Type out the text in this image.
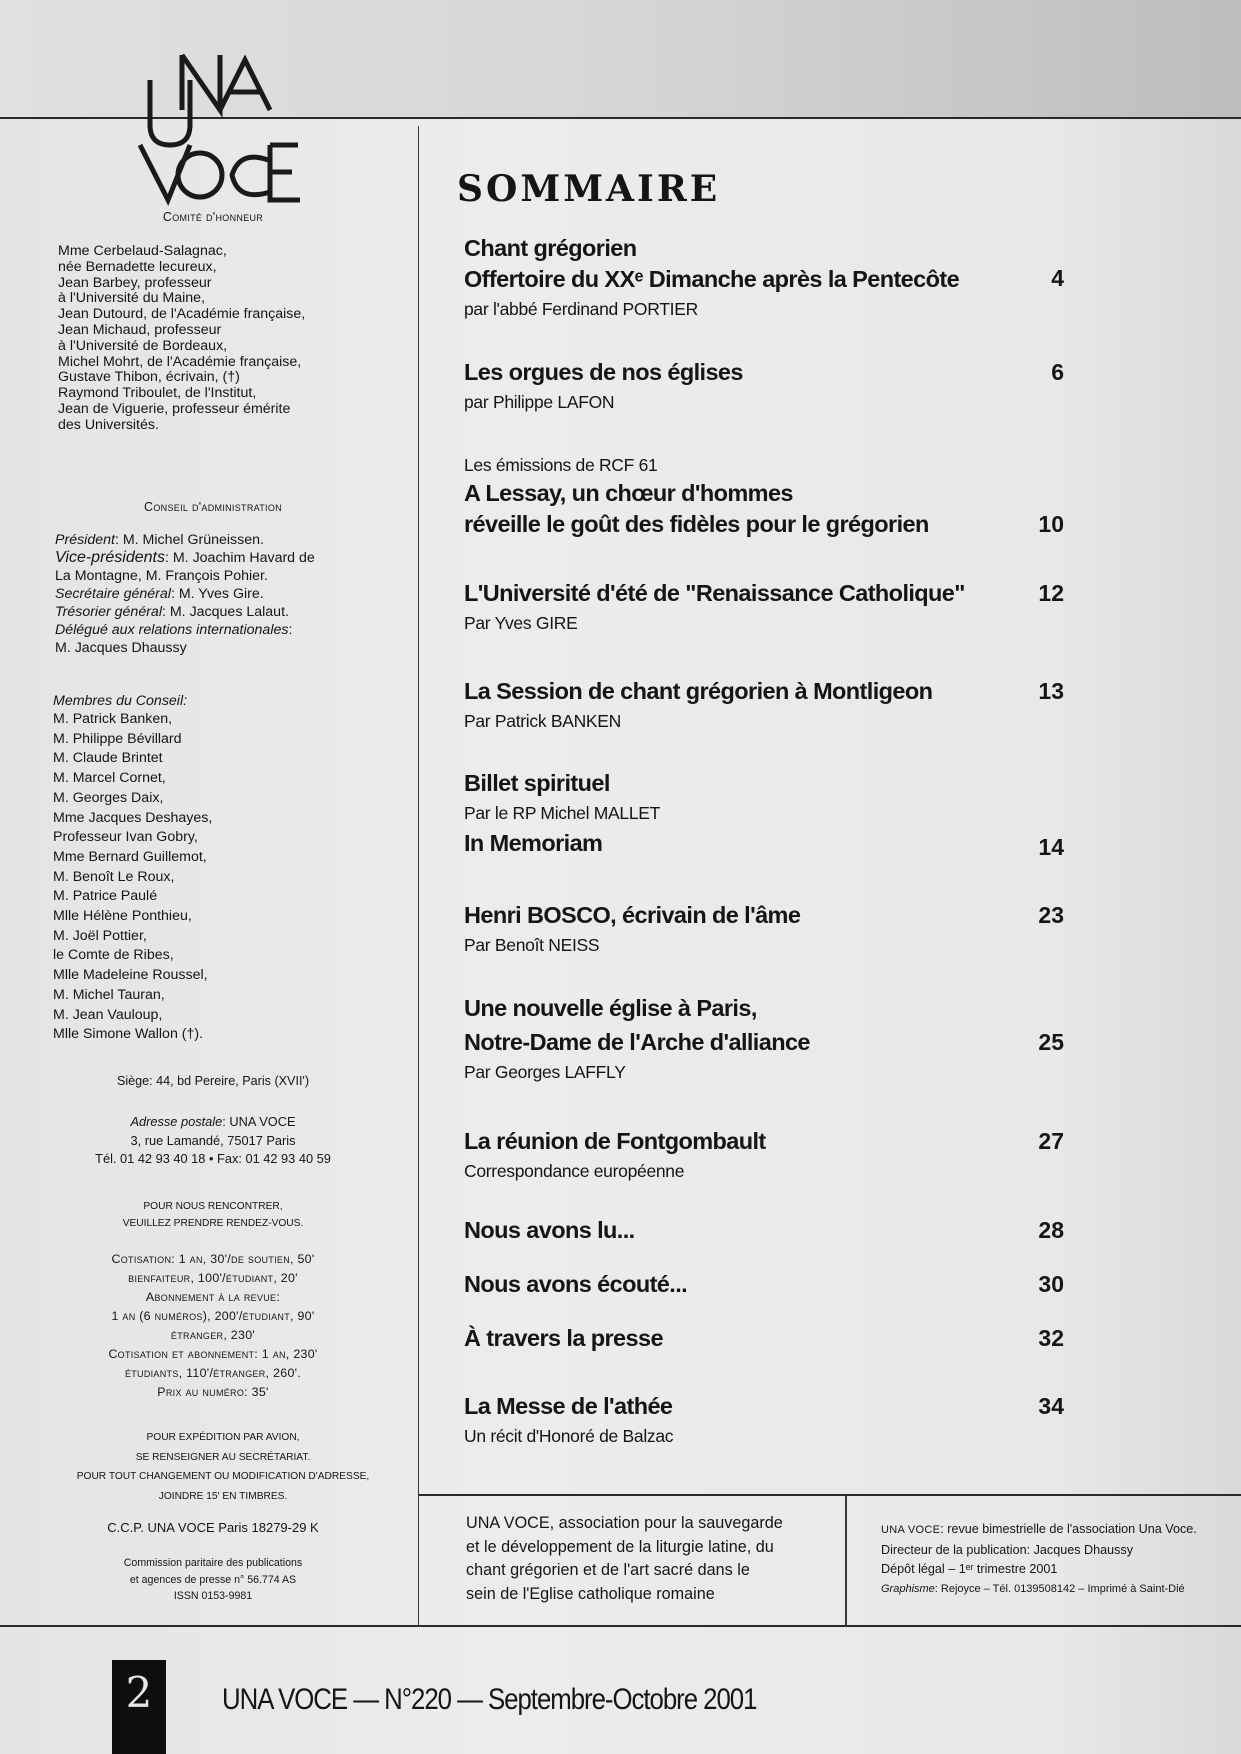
Comité d'honneur
Mme Cerbelaud-Salagnac,
née Bernadette lecureux,
Jean Barbey, professeur
à l'Université du Maine,
Jean Dutourd, de l'Académie française,
Jean Michaud, professeur
à l'Université de Bordeaux,
Michel Mohrt, de l'Académie française,
Gustave Thibon, écrivain, (†)
Raymond Triboulet, de l'Institut,
Jean de Viguerie, professeur émérite
des Universités.
Conseil d'administration
Président: M. Michel Grüneissen.
Vice-présidents: M. Joachim Havard de
La Montagne, M. François Pohier.
Secrétaire général: M. Yves Gire.
Trésorier général: M. Jacques Lalaut.
Délégué aux relations internationales:
M. Jacques Dhaussy
Membres du Conseil:
M. Patrick Banken,
M. Philippe Bévillard
M. Claude Brintet
M. Marcel Cornet,
M. Georges Daix,
Mme Jacques Deshayes,
Professeur Ivan Gobry,
Mme Bernard Guillemot,
M. Benoît Le Roux,
M. Patrice Paulé
Mlle Hélène Ponthieu,
M. Joël Pottier,
le Comte de Ribes,
Mlle Madeleine Roussel,
M. Michel Tauran,
M. Jean Vauloup,
Mlle Simone Wallon (†).
Siège: 44, bd Pereire, Paris (XVII')
Adresse postale: UNA VOCE
3, rue Lamandé, 75017 Paris
Tél. 01 42 93 40 18 • Fax: 01 42 93 40 59
POUR NOUS RENCONTRER,
VEUILLEZ PRENDRE RENDEZ-VOUS.
Cotisation: 1 an, 30'/de soutien, 50'
bienfaiteur, 100'/étudiant, 20'
Abonnement à la revue:
1 an (6 numéros), 200'/étudiant, 90'
étranger, 230'
Cotisation et abonnement: 1 an, 230'
étudiants, 110'/étranger, 260'.
Prix au numéro: 35'
POUR EXPÉDITION PAR AVION,
SE RENSEIGNER AU SECRÉTARIAT.
POUR TOUT CHANGEMENT OU MODIFICATION D'ADRESSE,
JOINDRE 15' EN TIMBRES.
C.C.P. UNA VOCE Paris 18279-29 K
Commission paritaire des publications
et agences de presse n° 56.774 AS
ISSN 0153-9981
SOMMAIRE
Chant grégorien
Offertoire du XXᵉ Dimanche après la Pentecôte
par l'abbé Ferdinand PORTIER
4
Les orgues de nos églises
par Philippe LAFON
6
Les émissions de RCF 61
A Lessay, un chœur d'hommes
réveille le goût des fidèles pour le grégorien	10
L'Université d'été de "Renaissance Catholique"
Par Yves GIRE
12
La Session de chant grégorien à Montligeon
Par Patrick BANKEN
13
Billet spirituel
Par le RP Michel MALLET
In Memoriam	14
Henri BOSCO, écrivain de l'âme
Par Benoît NEISS
23
Une nouvelle église à Paris,
Notre-Dame de l'Arche d'alliance
Par Georges LAFFLY
25
La réunion de Fontgombault
Correspondance européenne
27
Nous avons lu...	28
Nous avons écouté...	30
À travers la presse	32
La Messe de l'athée
Un récit d'Honoré de Balzac
34
UNA VOCE, association pour la sauvegarde
et le développement de la liturgie latine, du
chant grégorien et de l'art sacré dans le
sein de l'Eglise catholique romaine
UNA VOCE: revue bimestrielle de l'association Una Voce.
Directeur de la publication: Jacques Dhaussy
Dépôt légal – 1ᵉʳ trimestre 2001
Graphisme: Rejoyce – Tél. 0139508142 – Imprimé à Saint-Dié
2	UNA VOCE — N°220 — Septembre-Octobre 2001
